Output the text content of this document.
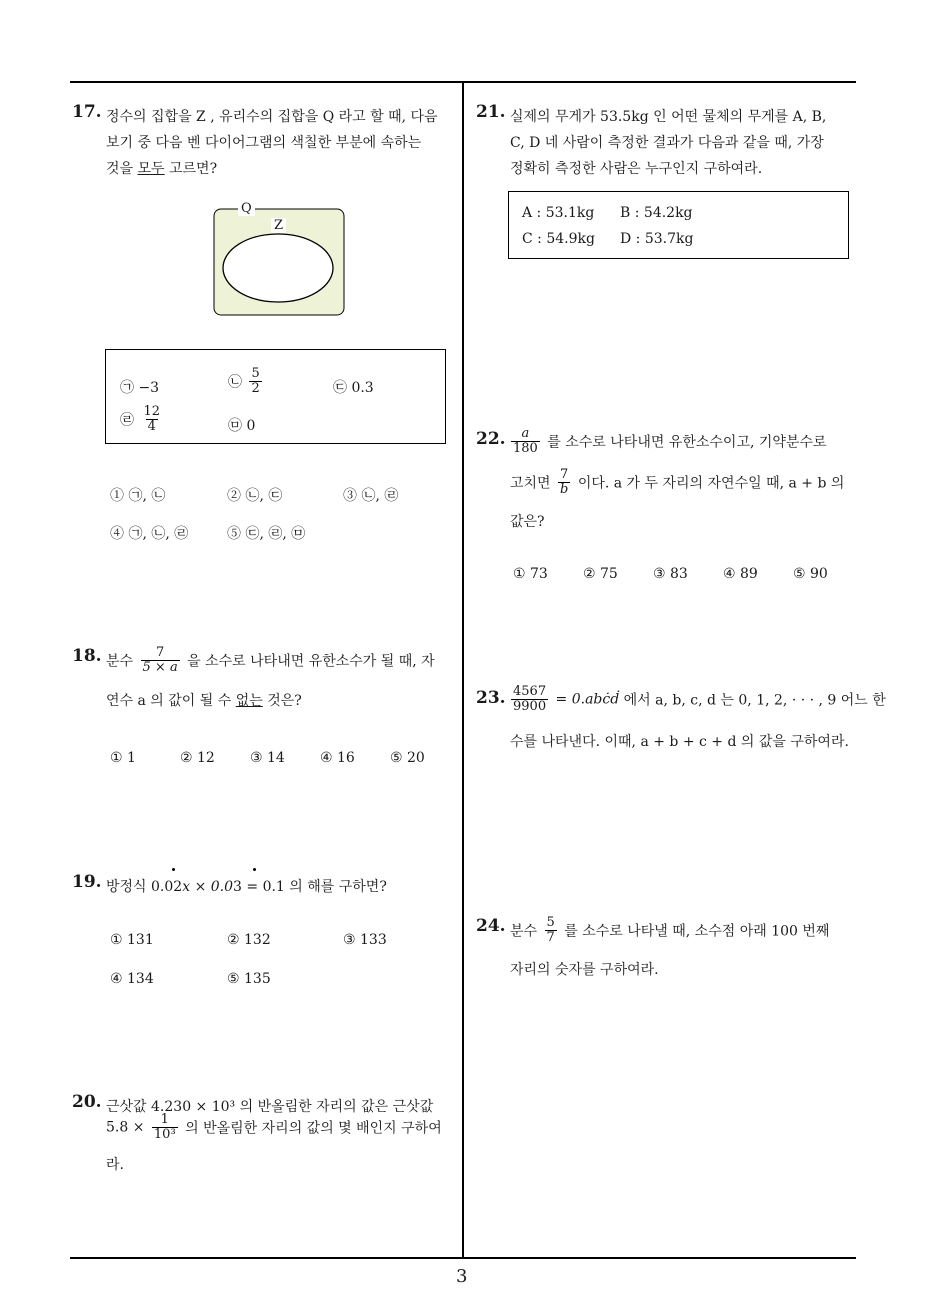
17. 정수의 집합을 Z , 유리수의 집합을 Q 라고 할 때, 다음
보기 중 다음 벤 다이어그램의 색칠한 부분에 속하는
것을 모두 고르면?
Q
Z
㉠ −3	㉡ $\frac{5}{2}$	㉢ 0.3
㉣ $\frac{12}{4}$	㉤ 0
① ㉠, ㉡	② ㉡, ㉢	③ ㉡, ㉣
④ ㉠, ㉡, ㉣	⑤ ㉢, ㉣, ㉤
18. 분수 $\frac{7}{5 \times a}$ 을 소수로 나타내면 유한소수가 될 때, 자
연수 a 의 값이 될 수 없는 것은?
① 1	② 12	③ 14	④ 16	⑤ 20
19. 방정식 0.02x × 0.03 = 0.1 의 해를 구하면?
① 131	② 132	③ 133
④ 134	⑤ 135
20. 근삿값 4.230 × 10³ 의 반올림한 자리의 값은 근삿값
$5.8 \times \frac{1}{\text{10³}}$ 의 반올림한 자리의 값의 몇 배인지 구하여
라.
21. 실제의 무게가 53.5kg 인 어떤 물체의 무게를 A, B,
C, D 네 사람이 측정한 결과가 다음과 같을 때, 가장
정확히 측정한 사람은 누구인지 구하여라.
A : 53.1kg B : 54.2kg
C : 54.9kg D : 53.7kg
22. $\frac{a}{180}$ 를 소수로 나타내면 유한소수이고, 기약분수로
고치면 $\frac{7}{b}$ 이다. a 가 두 자리의 자연수일 때, a + b 의
값은?
① 73	② 75	③ 83	④ 89	⑤ 90
23. $\frac{4567}{9900}$ = 0.abċḋ 에서 a, b, c, d 는 0, 1, 2, · · · , 9 어느 한
수를 나타낸다. 이때, a + b + c + d 의 값을 구하여라.
24. 분수 $\frac{5}{7}$ 를 소수로 나타낼 때, 소수점 아래 100 번째
자리의 숫자를 구하여라.
3
